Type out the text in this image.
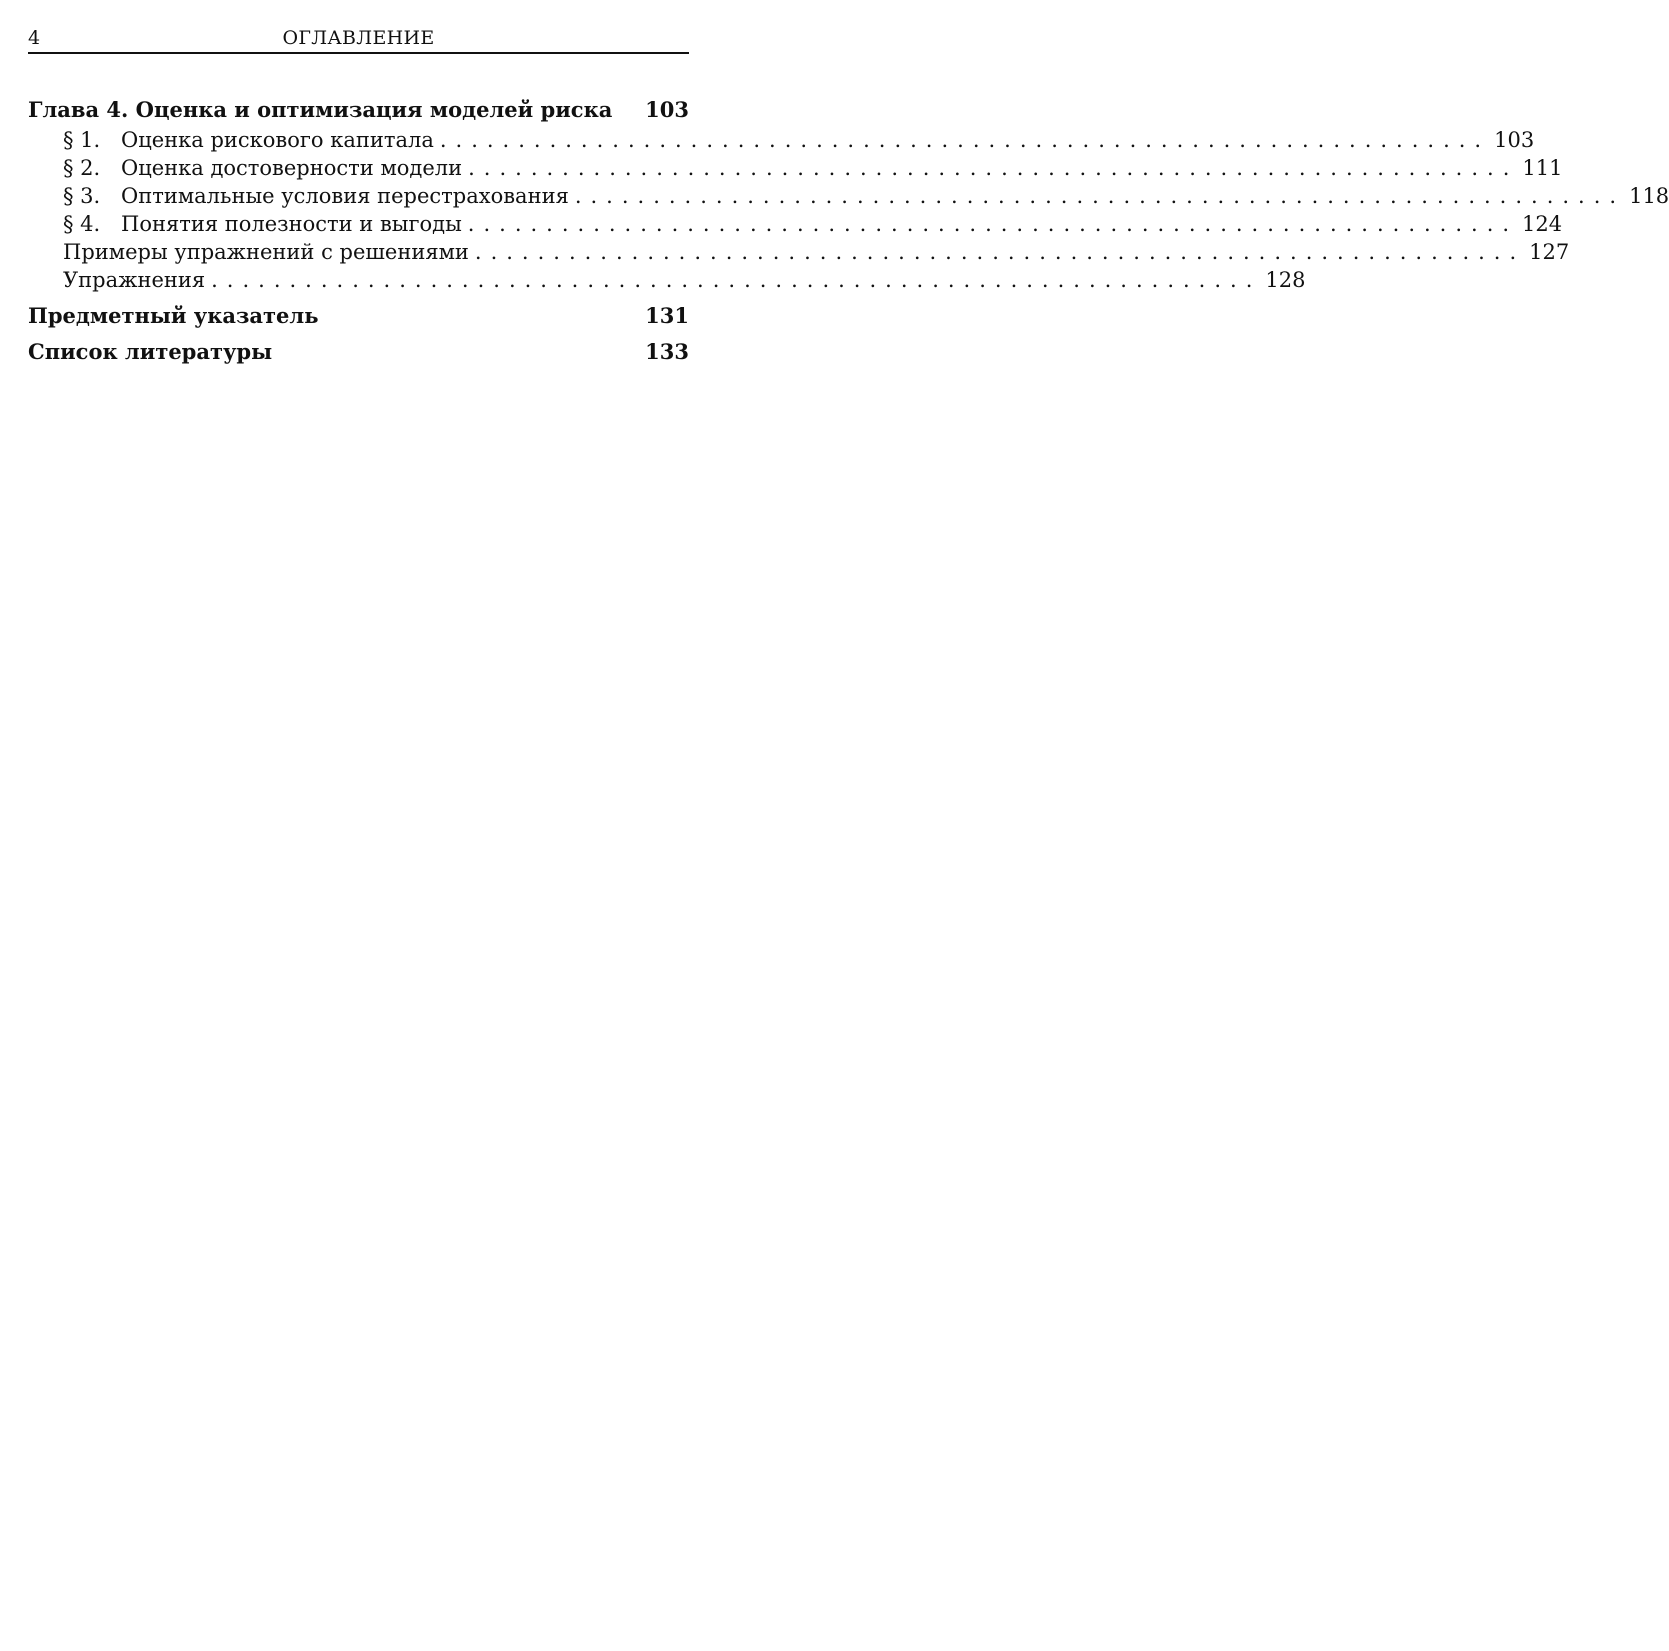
4	ОГЛАВЛЕНИЕ
Глава 4. Оценка и оптимизация моделей риска 103
§ 1. Оценка рискового капитала ................................................................... 103
§ 2. Оценка достоверности модели ................................................................... 111
§ 3. Оптимальные условия перестрахования ................................................................... 118
§ 4. Понятия полезности и выгоды ................................................................... 124
Примеры упражнений с решениями ................................................................... 127
Упражнения ................................................................... 128
Предметный указатель	131
Список литературы	133
